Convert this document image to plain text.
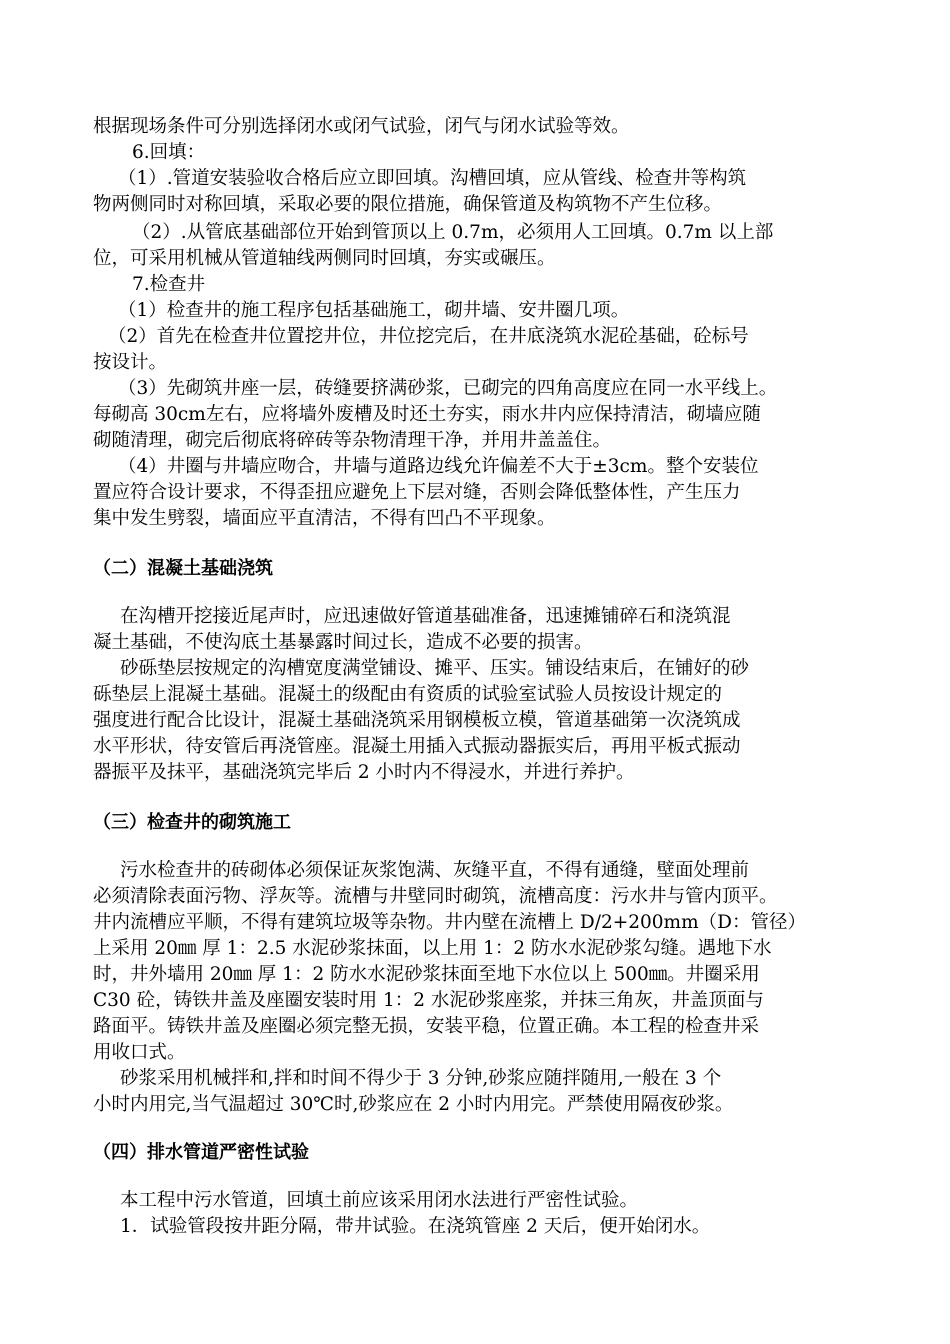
根据现场条件可分别选择闭水或闭气试验，闭气与闭水试验等效。
6.回填：
（1）.管道安装验收合格后应立即回填。沟槽回填，应从管线、检查井等构筑
物两侧同时对称回填，采取必要的限位措施，确保管道及构筑物不产生位移。
（2）.从管底基础部位开始到管顶以上 0.7m，必须用人工回填。0.7m 以上部
位，可采用机械从管道轴线两侧同时回填，夯实或碾压。
7.检查井
（1）检查井的施工程序包括基础施工，砌井墙、安井圈几项。
（2）首先在检查井位置挖井位，井位挖完后，在井底浇筑水泥砼基础，砼标号
按设计。
（3）先砌筑井座一层，砖缝要挤满砂浆，已砌完的四角高度应在同一水平线上。
每砌高 30cm左右，应将墙外废槽及时还土夯实，雨水井内应保持清洁，砌墙应随
砌随清理，砌完后彻底将碎砖等杂物清理干净，并用井盖盖住。
（4）井圈与井墙应吻合，井墙与道路边线允许偏差不大于±3cm。整个安装位
置应符合设计要求，不得歪扭应避免上下层对缝，否则会降低整体性，产生压力
集中发生劈裂，墙面应平直清洁，不得有凹凸不平现象。
（二）混凝土基础浇筑
在沟槽开挖接近尾声时，应迅速做好管道基础准备，迅速摊铺碎石和浇筑混
凝土基础，不使沟底土基暴露时间过长，造成不必要的损害。
砂砾垫层按规定的沟槽宽度满堂铺设、摊平、压实。铺设结束后，在铺好的砂
砾垫层上混凝土基础。混凝土的级配由有资质的试验室试验人员按设计规定的
强度进行配合比设计，混凝土基础浇筑采用钢模板立模，管道基础第一次浇筑成
水平形状，待安管后再浇管座。混凝土用插入式振动器振实后，再用平板式振动
器振平及抹平，基础浇筑完毕后 2 小时内不得浸水，并进行养护。
（三）检查井的砌筑施工
污水检查井的砖砌体必须保证灰浆饱满、灰缝平直，不得有通缝，壁面处理前
必须清除表面污物、浮灰等。流槽与井壁同时砌筑，流槽高度：污水井与管内顶平。
井内流槽应平顺，不得有建筑垃圾等杂物。井内壁在流槽上 D/2+200mm（D：管径）
上采用 20㎜ 厚 1：2.5 水泥砂浆抹面，以上用 1：2 防水水泥砂浆勾缝。遇地下水
时，井外墙用 20㎜ 厚 1：2 防水水泥砂浆抹面至地下水位以上 500㎜。井圈采用
C30 砼，铸铁井盖及座圈安装时用 1：2 水泥砂浆座浆，并抹三角灰，井盖顶面与
路面平。铸铁井盖及座圈必须完整无损，安装平稳，位置正确。本工程的检查井采
用收口式。
砂浆采用机械拌和,拌和时间不得少于 3 分钟,砂浆应随拌随用,一般在 3 个
小时内用完,当气温超过 30℃时,砂浆应在 2 小时内用完。严禁使用隔夜砂浆。
（四）排水管道严密性试验
本工程中污水管道，回填土前应该采用闭水法进行严密性试验。
1．试验管段按井距分隔，带井试验。在浇筑管座 2 天后，便开始闭水。
